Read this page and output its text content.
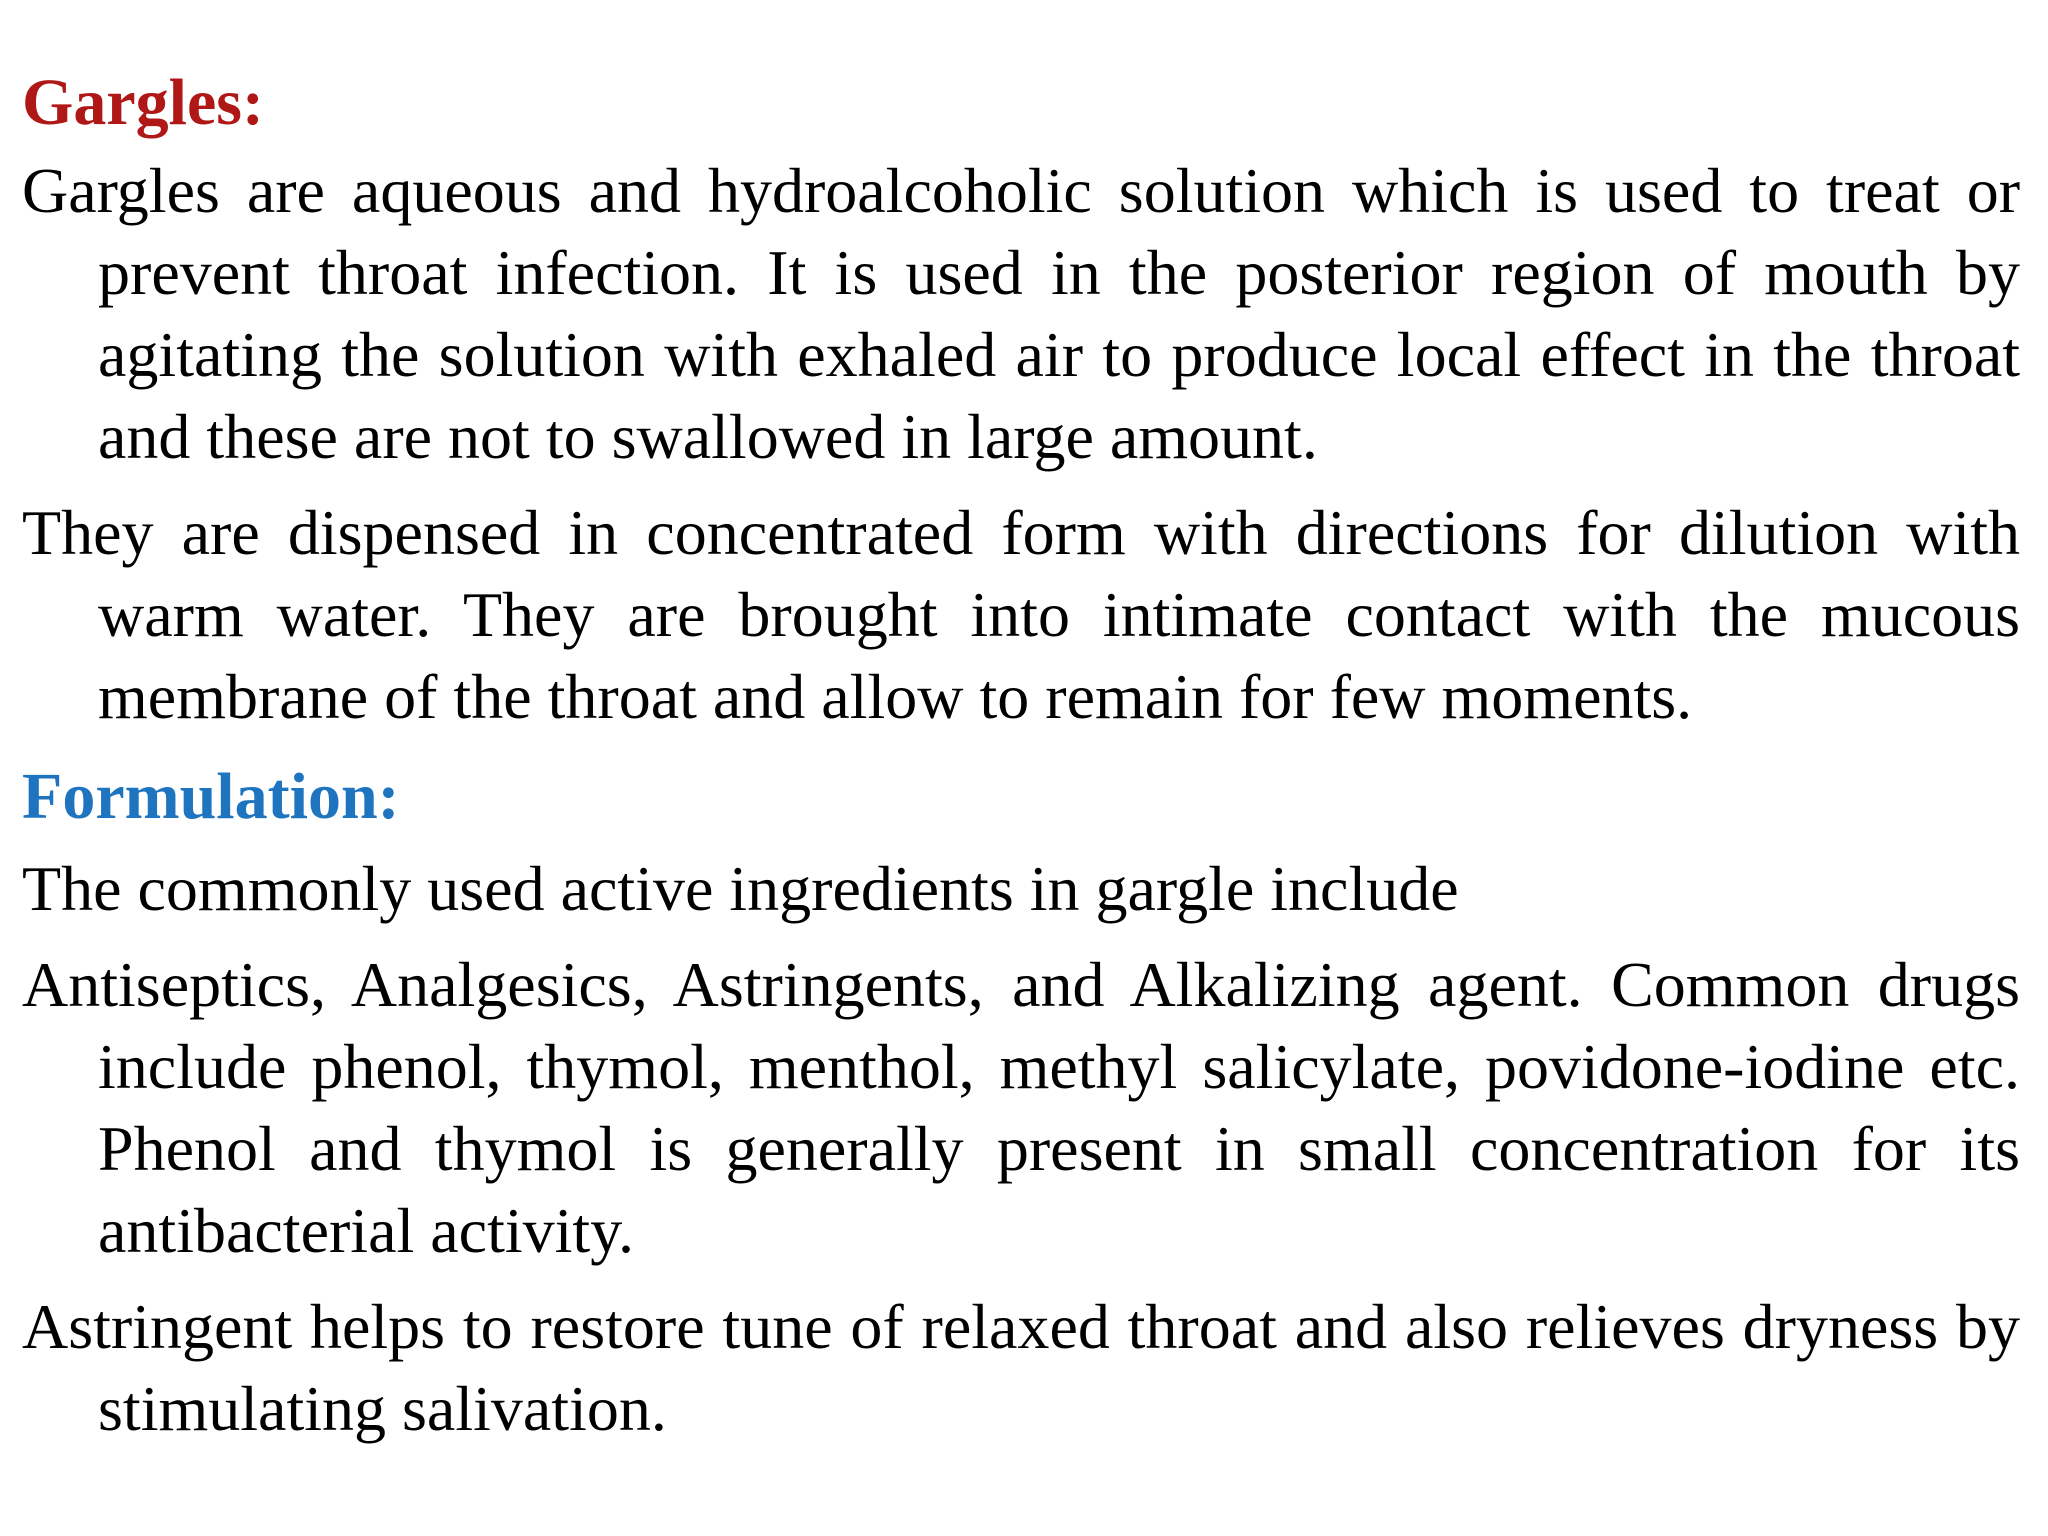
Gargles:

Gargles are aqueous and hydroalcoholic solution which is used to treat or prevent throat infection. It is used in the posterior region of mouth by agitating the solution with exhaled air to produce local effect in the throat and these are not to swallowed in large amount.

They are dispensed in concentrated form with directions for dilution with warm water. They are brought into intimate contact with the mucous membrane of the throat and allow to remain for few moments.

Formulation:

The commonly used active ingredients in gargle include

Antiseptics, Analgesics, Astringents, and Alkalizing agent. Common drugs include phenol, thymol, menthol, methyl salicylate, povidone-iodine etc. Phenol and thymol is generally present in small concentration for its antibacterial activity.

Astringent helps to restore tune of relaxed throat and also relieves dryness by stimulating salivation.
